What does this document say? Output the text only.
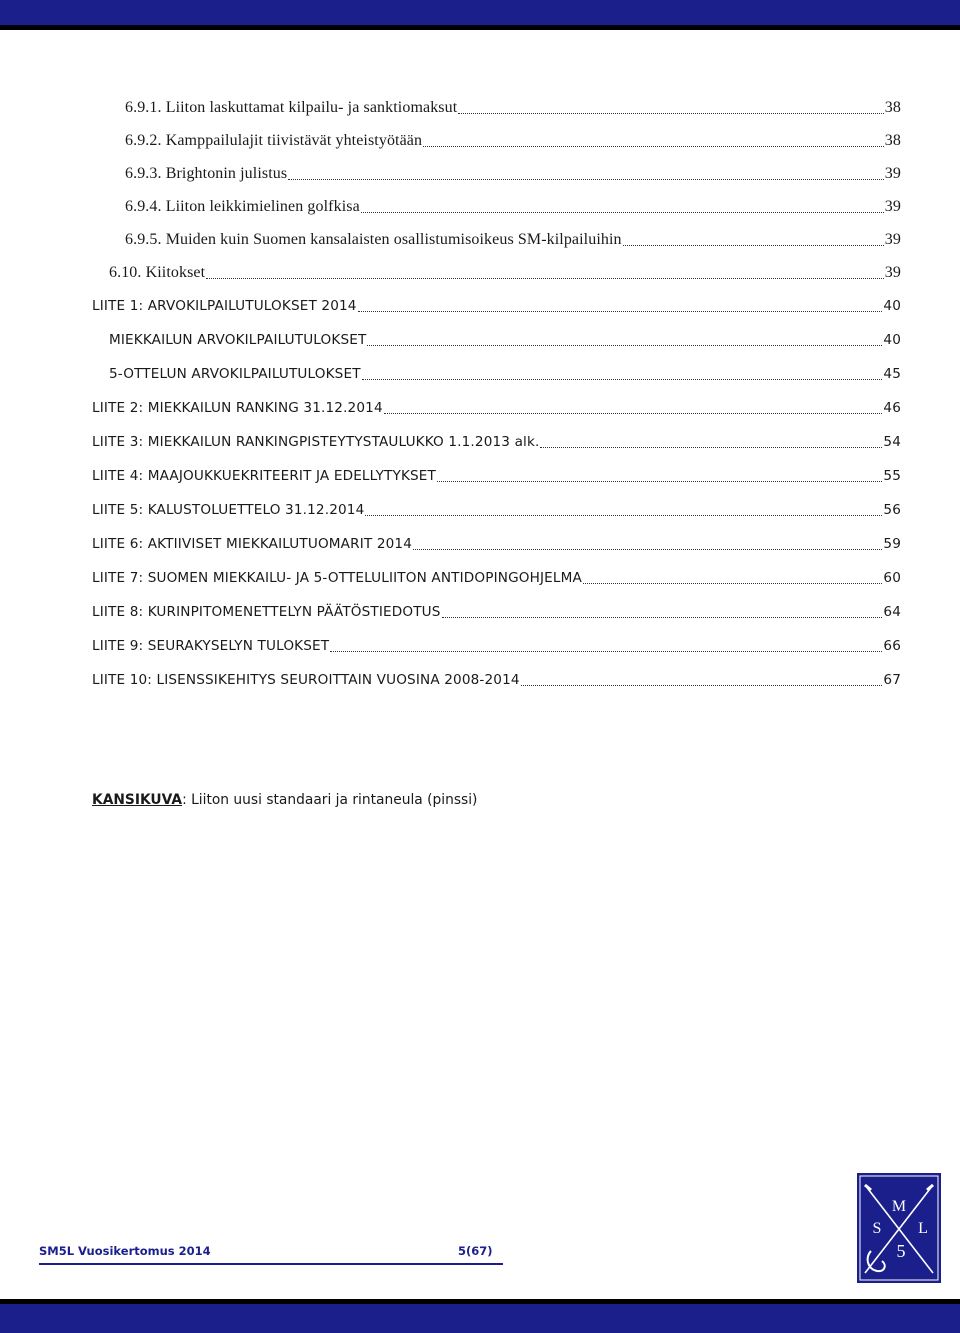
6.9.1. Liiton laskuttamat kilpailu- ja sanktiomaksut	38
6.9.2. Kamppailulajit tiivistävät yhteistyötään	38
6.9.3. Brightonin julistus	39
6.9.4. Liiton leikkimielinen golfkisa	39
6.9.5. Muiden kuin Suomen kansalaisten osallistumisoikeus SM-kilpailuihin	39
6.10. Kiitokset	39
LIITE 1: ARVOKILPAILUTULOKSET 2014	40
MIEKKAILUN ARVOKILPAILUTULOKSET	40
5-OTTELUN ARVOKILPAILUTULOKSET	45
LIITE 2: MIEKKAILUN RANKING 31.12.2014	46
LIITE 3: MIEKKAILUN RANKINGPISTEYTYSTAULUKKO 1.1.2013 alk.	54
LIITE 4: MAAJOUKKUEKRITEERIT JA EDELLYTYKSET	55
LIITE 5: KALUSTOLUETTELO 31.12.2014	56
LIITE 6: AKTIIVISET MIEKKAILUTUOMARIT 2014	59
LIITE 7: SUOMEN MIEKKAILU- JA 5-OTTELULIITON ANTIDOPINGOHJELMA	60
LIITE 8: KURINPITOMENETTELYN PÄÄTÖSTIEDOTUS	64
LIITE 9: SEURAKYSELYN TULOKSET	66
LIITE 10: LISENSSIKEHITYS SEUROITTAIN VUOSINA 2008-2014	67
KANSIKUVA: Liiton uusi standaari ja rintaneula (pinssi)
SM5L Vuosikertomus 2014	5(67)
M
S L
5
